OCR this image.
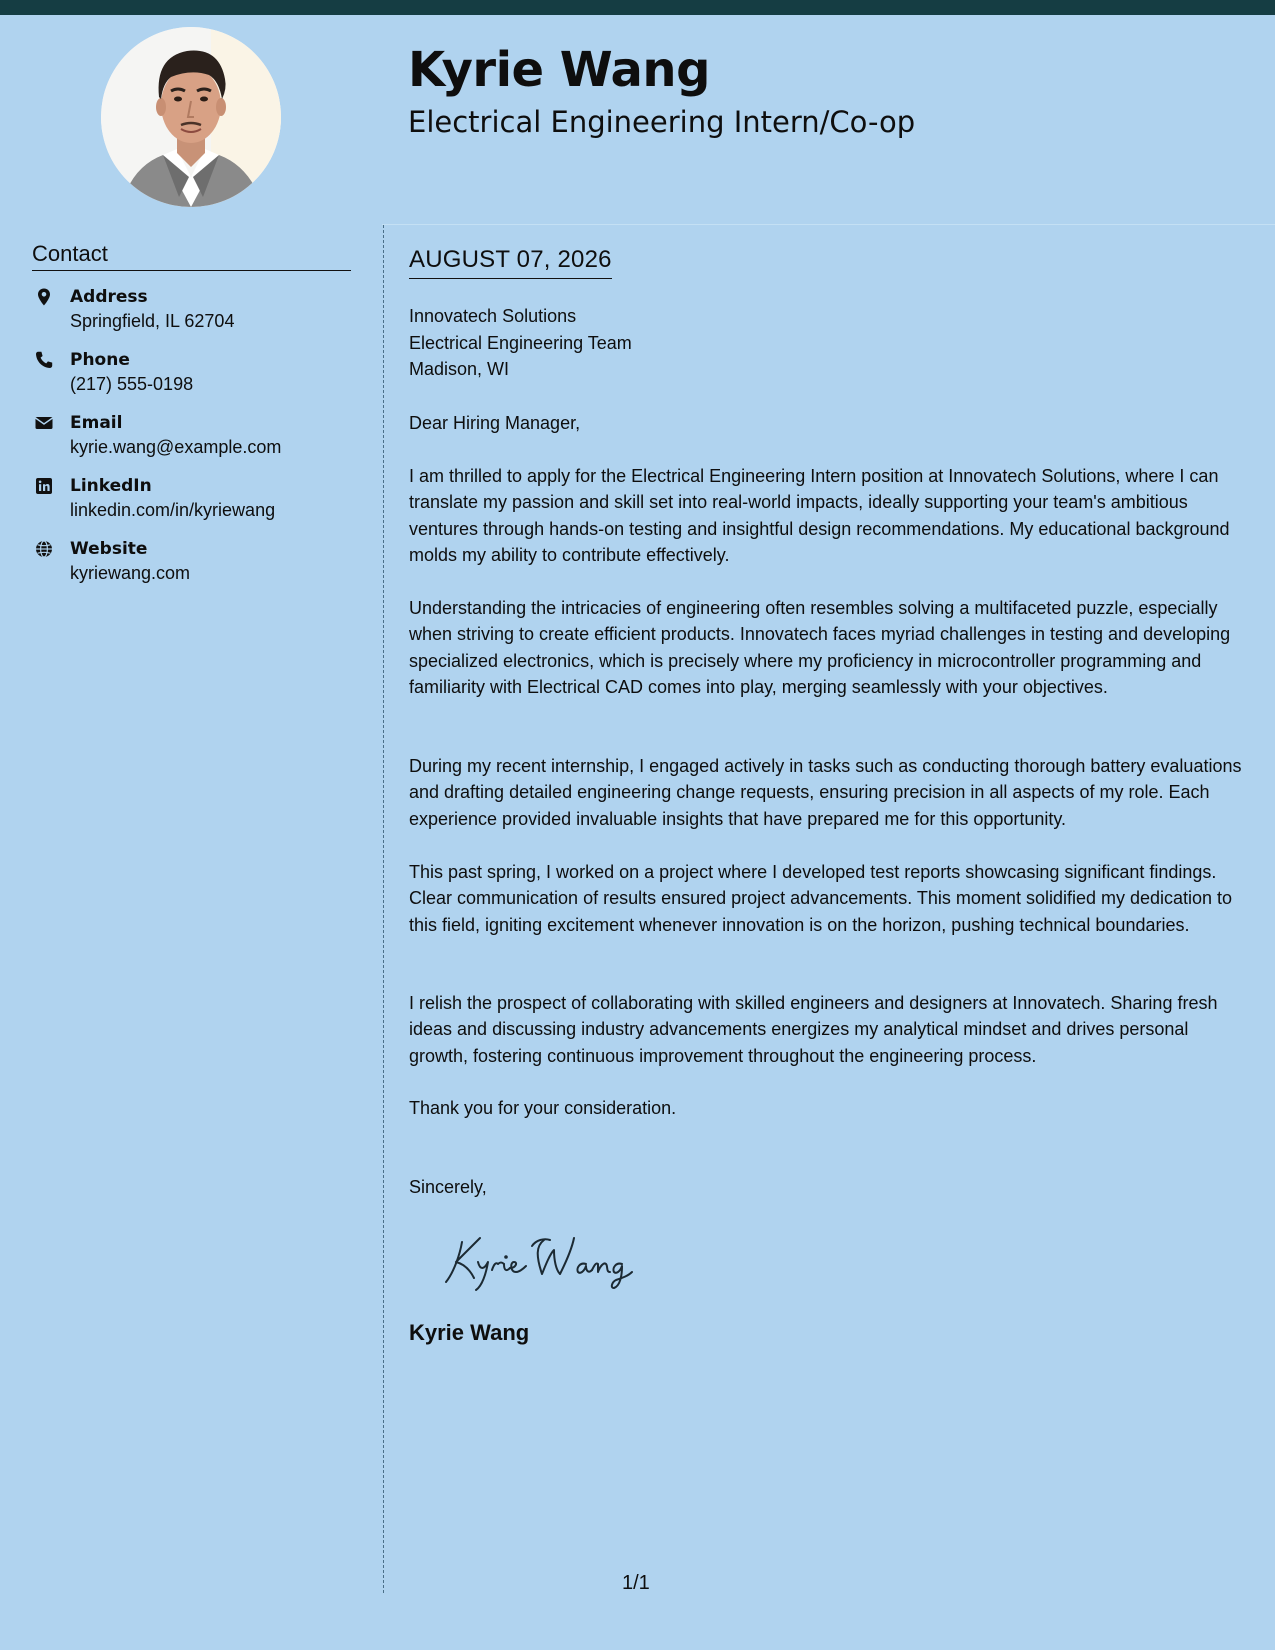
Kyrie Wang
Electrical Engineering Intern/Co-op
Contact
Address
Springfield, IL 62704
Phone
(217) 555-0198
Email
kyrie.wang@example.com
LinkedIn
linkedin.com/in/kyriewang
Website
kyriewang.com
AUGUST 07, 2026
Innovatech Solutions
Electrical Engineering Team
Madison, WI
Dear Hiring Manager,

I am thrilled to apply for the Electrical Engineering Intern position at Innovatech Solutions, where I can translate my passion and skill set into real-world impacts, ideally supporting your team's ambitious ventures through hands-on testing and insightful design recommendations. My educational background molds my ability to contribute effectively.

Understanding the intricacies of engineering often resembles solving a multifaceted puzzle, especially when striving to create efficient products. Innovatech faces myriad challenges in testing and developing specialized electronics, which is precisely where my proficiency in microcontroller programming and familiarity with Electrical CAD comes into play, merging seamlessly with your objectives.

During my recent internship, I engaged actively in tasks such as conducting thorough battery evaluations and drafting detailed engineering change requests, ensuring precision in all aspects of my role. Each experience provided invaluable insights that have prepared me for this opportunity.

This past spring, I worked on a project where I developed test reports showcasing significant findings. Clear communication of results ensured project advancements. This moment solidified my dedication to this field, igniting excitement whenever innovation is on the horizon, pushing technical boundaries.

I relish the prospect of collaborating with skilled engineers and designers at Innovatech. Sharing fresh ideas and discussing industry advancements energizes my analytical mindset and drives personal growth, fostering continuous improvement throughout the engineering process.

Thank you for your consideration.

Sincerely,
Kyrie Wang
1/1
